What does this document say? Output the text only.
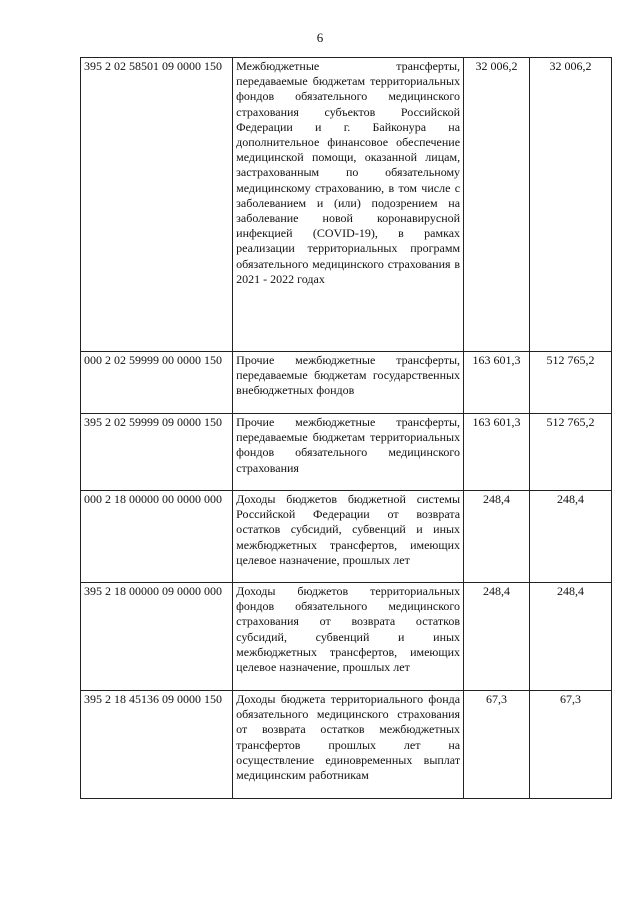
6
395 2 02 58501 09 0000 150	Межбюджетные трансферты, передаваемые бюджетам территориальных фондов обязательного медицинского страхования субъектов Российской Федерации и г. Байконура на дополнительное финансовое обеспечение медицинской помощи, оказанной лицам, застрахованным по обязательному медицинскому страхованию, в том числе с заболеванием и (или) подозрением на заболевание новой коронавирусной инфекцией (COVID-19), в рамках реализации территориальных программ обязательного медицинского страхования в 2021 - 2022 годах	32 006,2	32 006,2
000 2 02 59999 00 0000 150	Прочие межбюджетные трансферты, передаваемые бюджетам государственных внебюджетных фондов	163 601,3	512 765,2
395 2 02 59999 09 0000 150	Прочие межбюджетные трансферты, передаваемые бюджетам территориальных фондов обязательного медицинского страхования	163 601,3	512 765,2
000 2 18 00000 00 0000 000	Доходы бюджетов бюджетной системы Российской Федерации от возврата остатков субсидий, субвенций и иных межбюджетных трансфертов, имеющих целевое назначение, прошлых лет	248,4	248,4
395 2 18 00000 09 0000 000	Доходы бюджетов территориальных фондов обязательного медицинского страхования от возврата остатков субсидий, субвенций и иных межбюджетных трансфертов, имеющих целевое назначение, прошлых лет	248,4	248,4
395 2 18 45136 09 0000 150	Доходы бюджета территориального фонда обязательного медицинского страхования от возврата остатков межбюджетных трансфертов прошлых лет на осуществление единовременных выплат медицинским работникам	67,3	67,3
